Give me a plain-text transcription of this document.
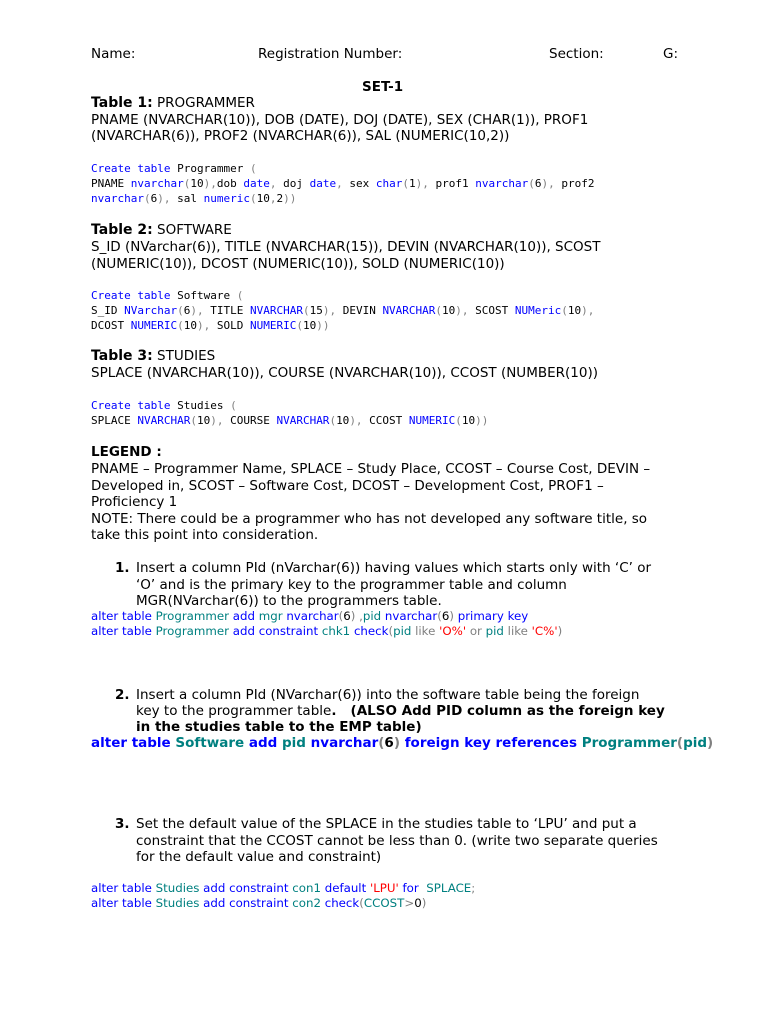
Name:	Registration Number:	Section:	G:
SET-1
Table 1: PROGRAMMER
PNAME (NVARCHAR(10)), DOB (DATE), DOJ (DATE), SEX (CHAR(1)), PROF1
(NVARCHAR(6)), PROF2 (NVARCHAR(6)), SAL (NUMERIC(10,2))
Create table Programmer (
PNAME nvarchar(10),dob date, doj date, sex char(1), prof1 nvarchar(6), prof2
nvarchar(6), sal numeric(10,2))
Table 2: SOFTWARE
S_ID (NVarchar(6)), TITLE (NVARCHAR(15)), DEVIN (NVARCHAR(10)), SCOST
(NUMERIC(10)), DCOST (NUMERIC(10)), SOLD (NUMERIC(10))
Create table Software (
S_ID NVarchar(6), TITLE NVARCHAR(15), DEVIN NVARCHAR(10), SCOST NUMeric(10),
DCOST NUMERIC(10), SOLD NUMERIC(10))
Table 3: STUDIES
SPLACE (NVARCHAR(10)), COURSE (NVARCHAR(10)), CCOST (NUMBER(10))
Create table Studies (
SPLACE NVARCHAR(10), COURSE NVARCHAR(10), CCOST NUMERIC(10))
LEGEND :
PNAME – Programmer Name, SPLACE – Study Place, CCOST – Course Cost, DEVIN –
Developed in, SCOST – Software Cost, DCOST – Development Cost, PROF1 –
Proficiency 1
NOTE: There could be a programmer who has not developed any software title, so
take this point into consideration.
1. Insert a column PId (nVarchar(6)) having values which starts only with ‘C’ or
‘O’ and is the primary key to the programmer table and column
MGR(NVarchar(6)) to the programmers table.
alter table Programmer add mgr nvarchar(6) ,pid nvarchar(6) primary key
alter table Programmer add constraint chk1 check(pid like 'O%' or pid like 'C%')
2. Insert a column PId (NVarchar(6)) into the software table being the foreign
key to the programmer table.   (ALSO Add PID column as the foreign key
in the studies table to the EMP table)
alter table Software add pid nvarchar(6) foreign key references Programmer(pid)
3. Set the default value of the SPLACE in the studies table to ‘LPU’ and put a
constraint that the CCOST cannot be less than 0. (write two separate queries
for the default value and constraint)
alter table Studies add constraint con1 default 'LPU' for SPLACE;
alter table Studies add constraint con2 check(CCOST>0)
